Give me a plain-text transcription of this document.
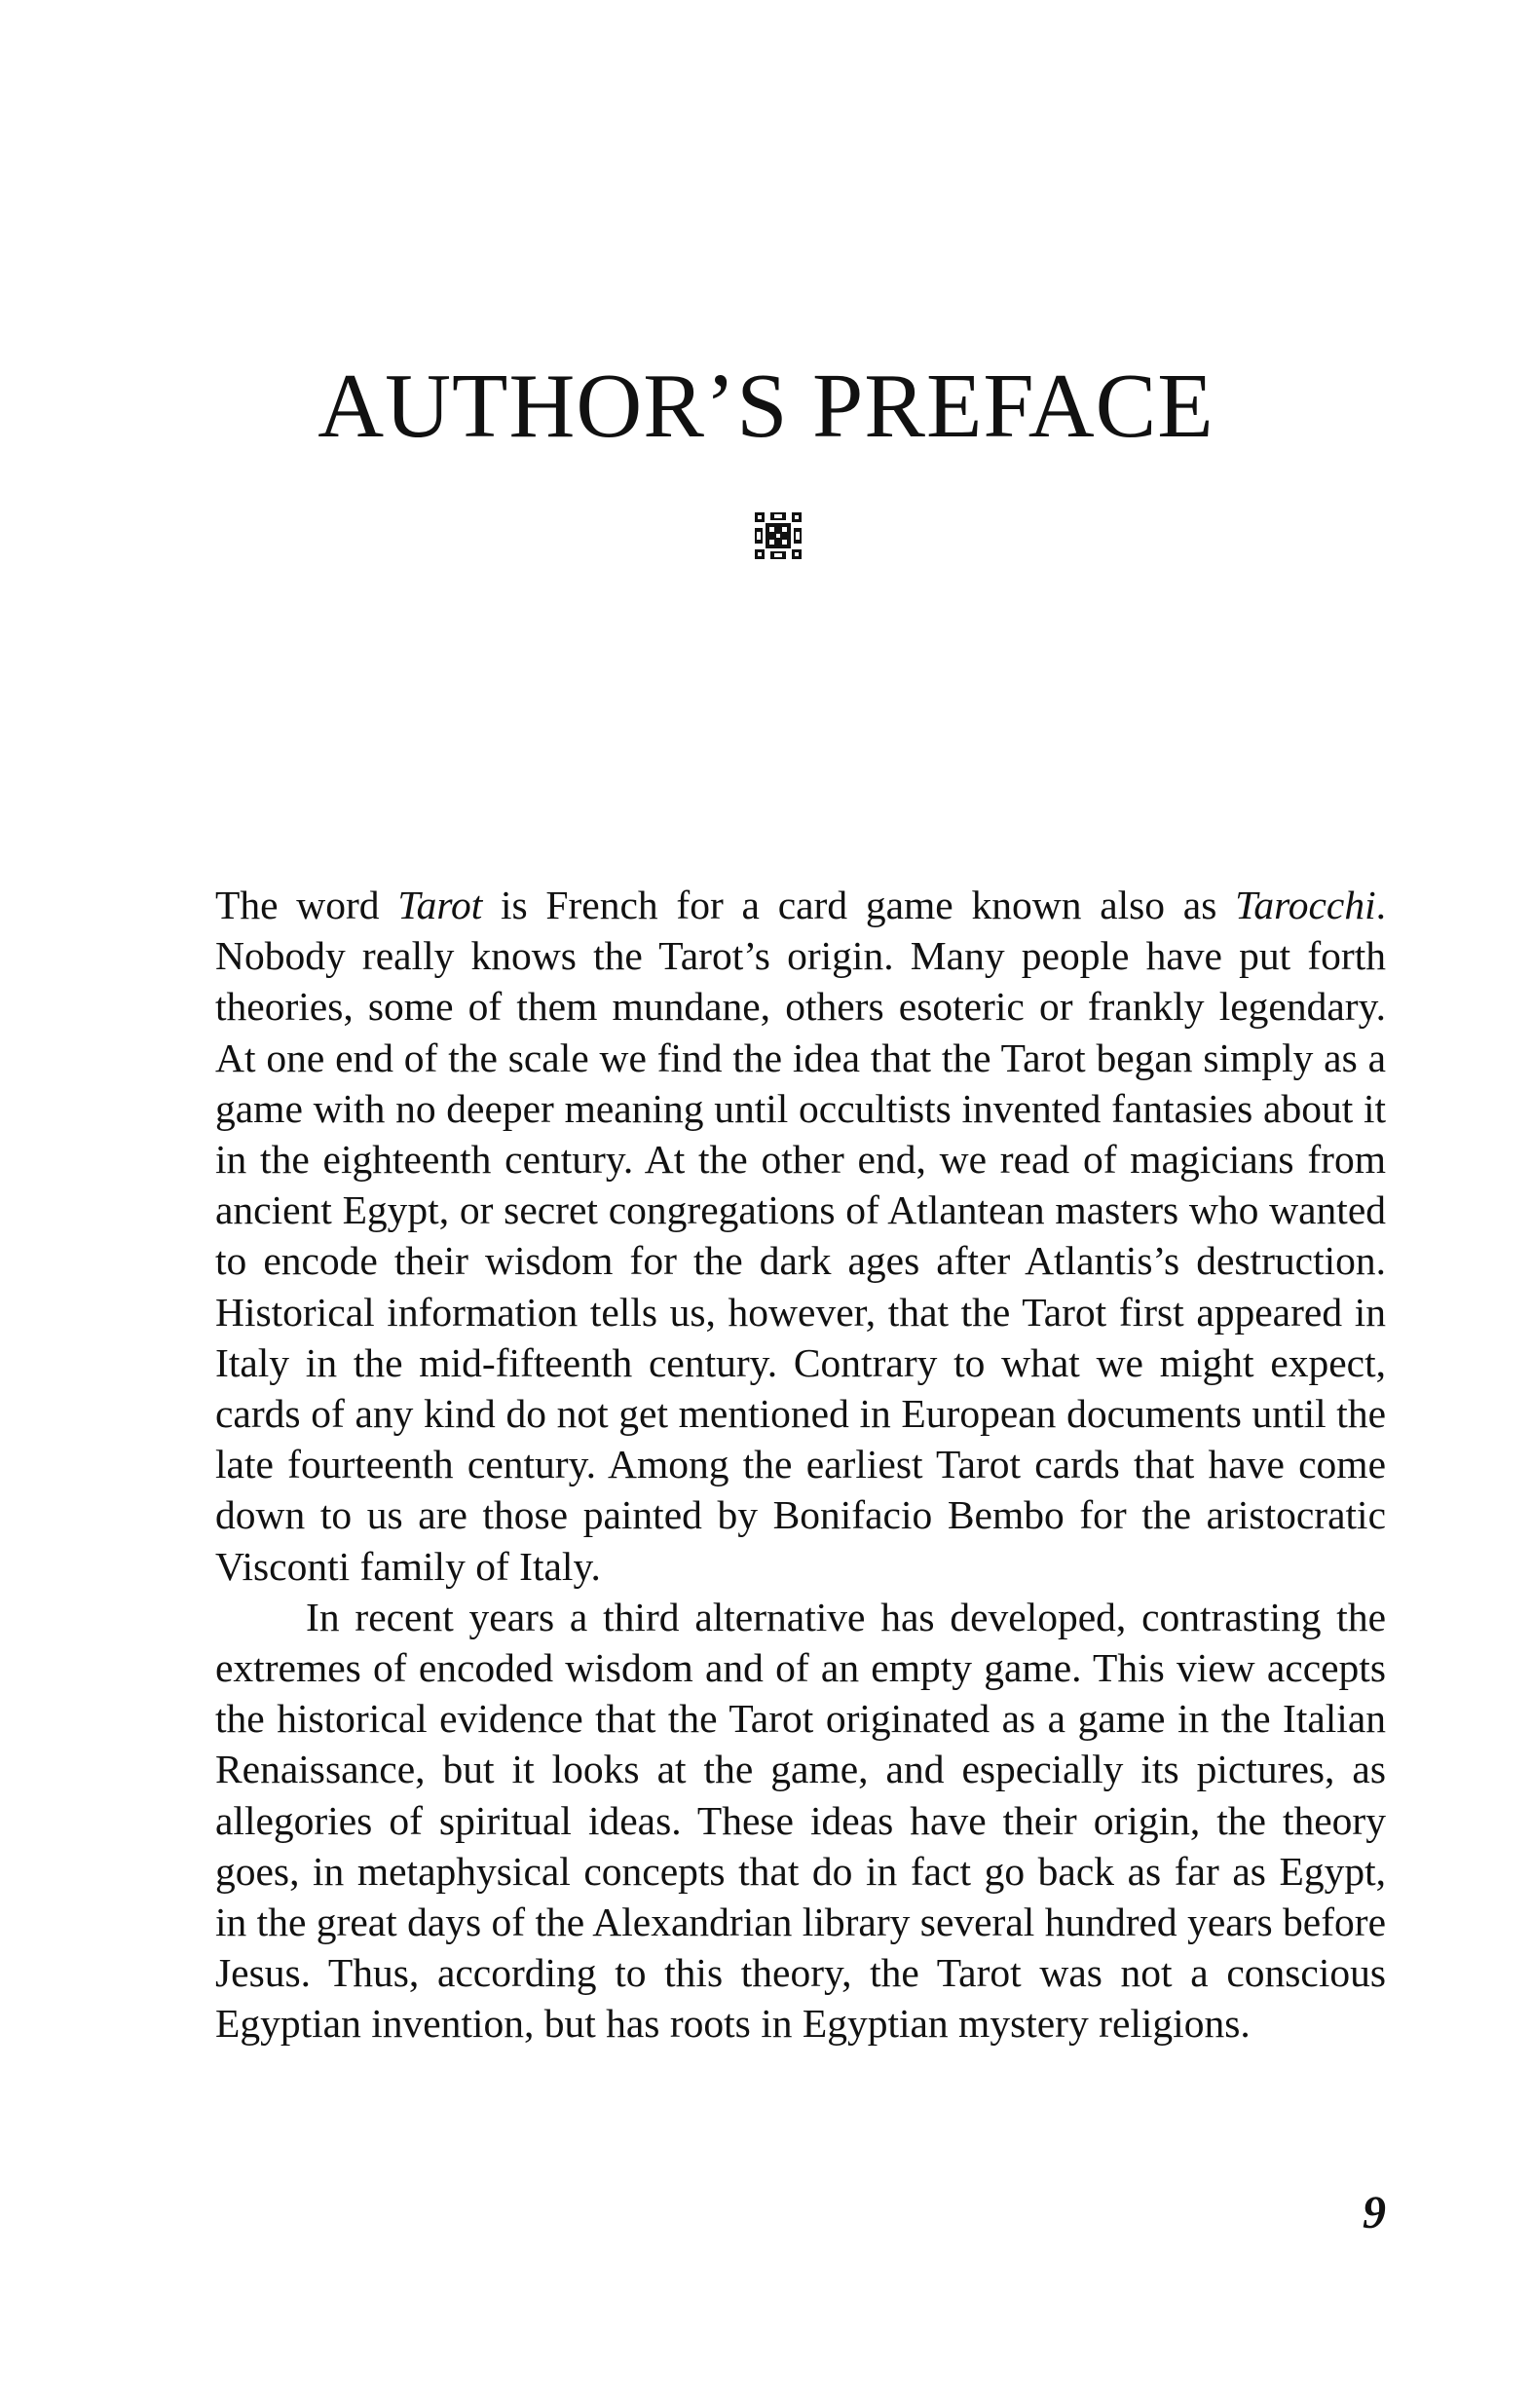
AUTHOR’S PREFACE

The word Tarot is French for a card game known also as Tarocchi. Nobody really knows the Tarot’s origin. Many people have put forth theories, some of them mundane, others esoteric or frankly legendary. At one end of the scale we find the idea that the Tarot began simply as a game with no deeper meaning until occultists invented fantasies about it in the eighteenth century. At the other end, we read of magicians from ancient Egypt, or secret congregations of Atlantean masters who wanted to encode their wisdom for the dark ages after Atlantis’s destruction. Historical information tells us, however, that the Tarot first appeared in Italy in the mid-fifteenth century. Contrary to what we might expect, cards of any kind do not get mentioned in European documents until the late fourteenth century. Among the earliest Tarot cards that have come down to us are those painted by Bonifacio Bembo for the aristocratic Visconti family of Italy.

In recent years a third alternative has developed, contrasting the extremes of encoded wisdom and of an empty game. This view accepts the historical evidence that the Tarot originated as a game in the Italian Renaissance, but it looks at the game, and especially its pictures, as allegories of spiritual ideas. These ideas have their origin, the theory goes, in metaphysical concepts that do in fact go back as far as Egypt, in the great days of the Alexandrian library several hundred years before Jesus. Thus, according to this theory, the Tarot was not a conscious Egyptian invention, but has roots in Egyptian mystery religions.

9
